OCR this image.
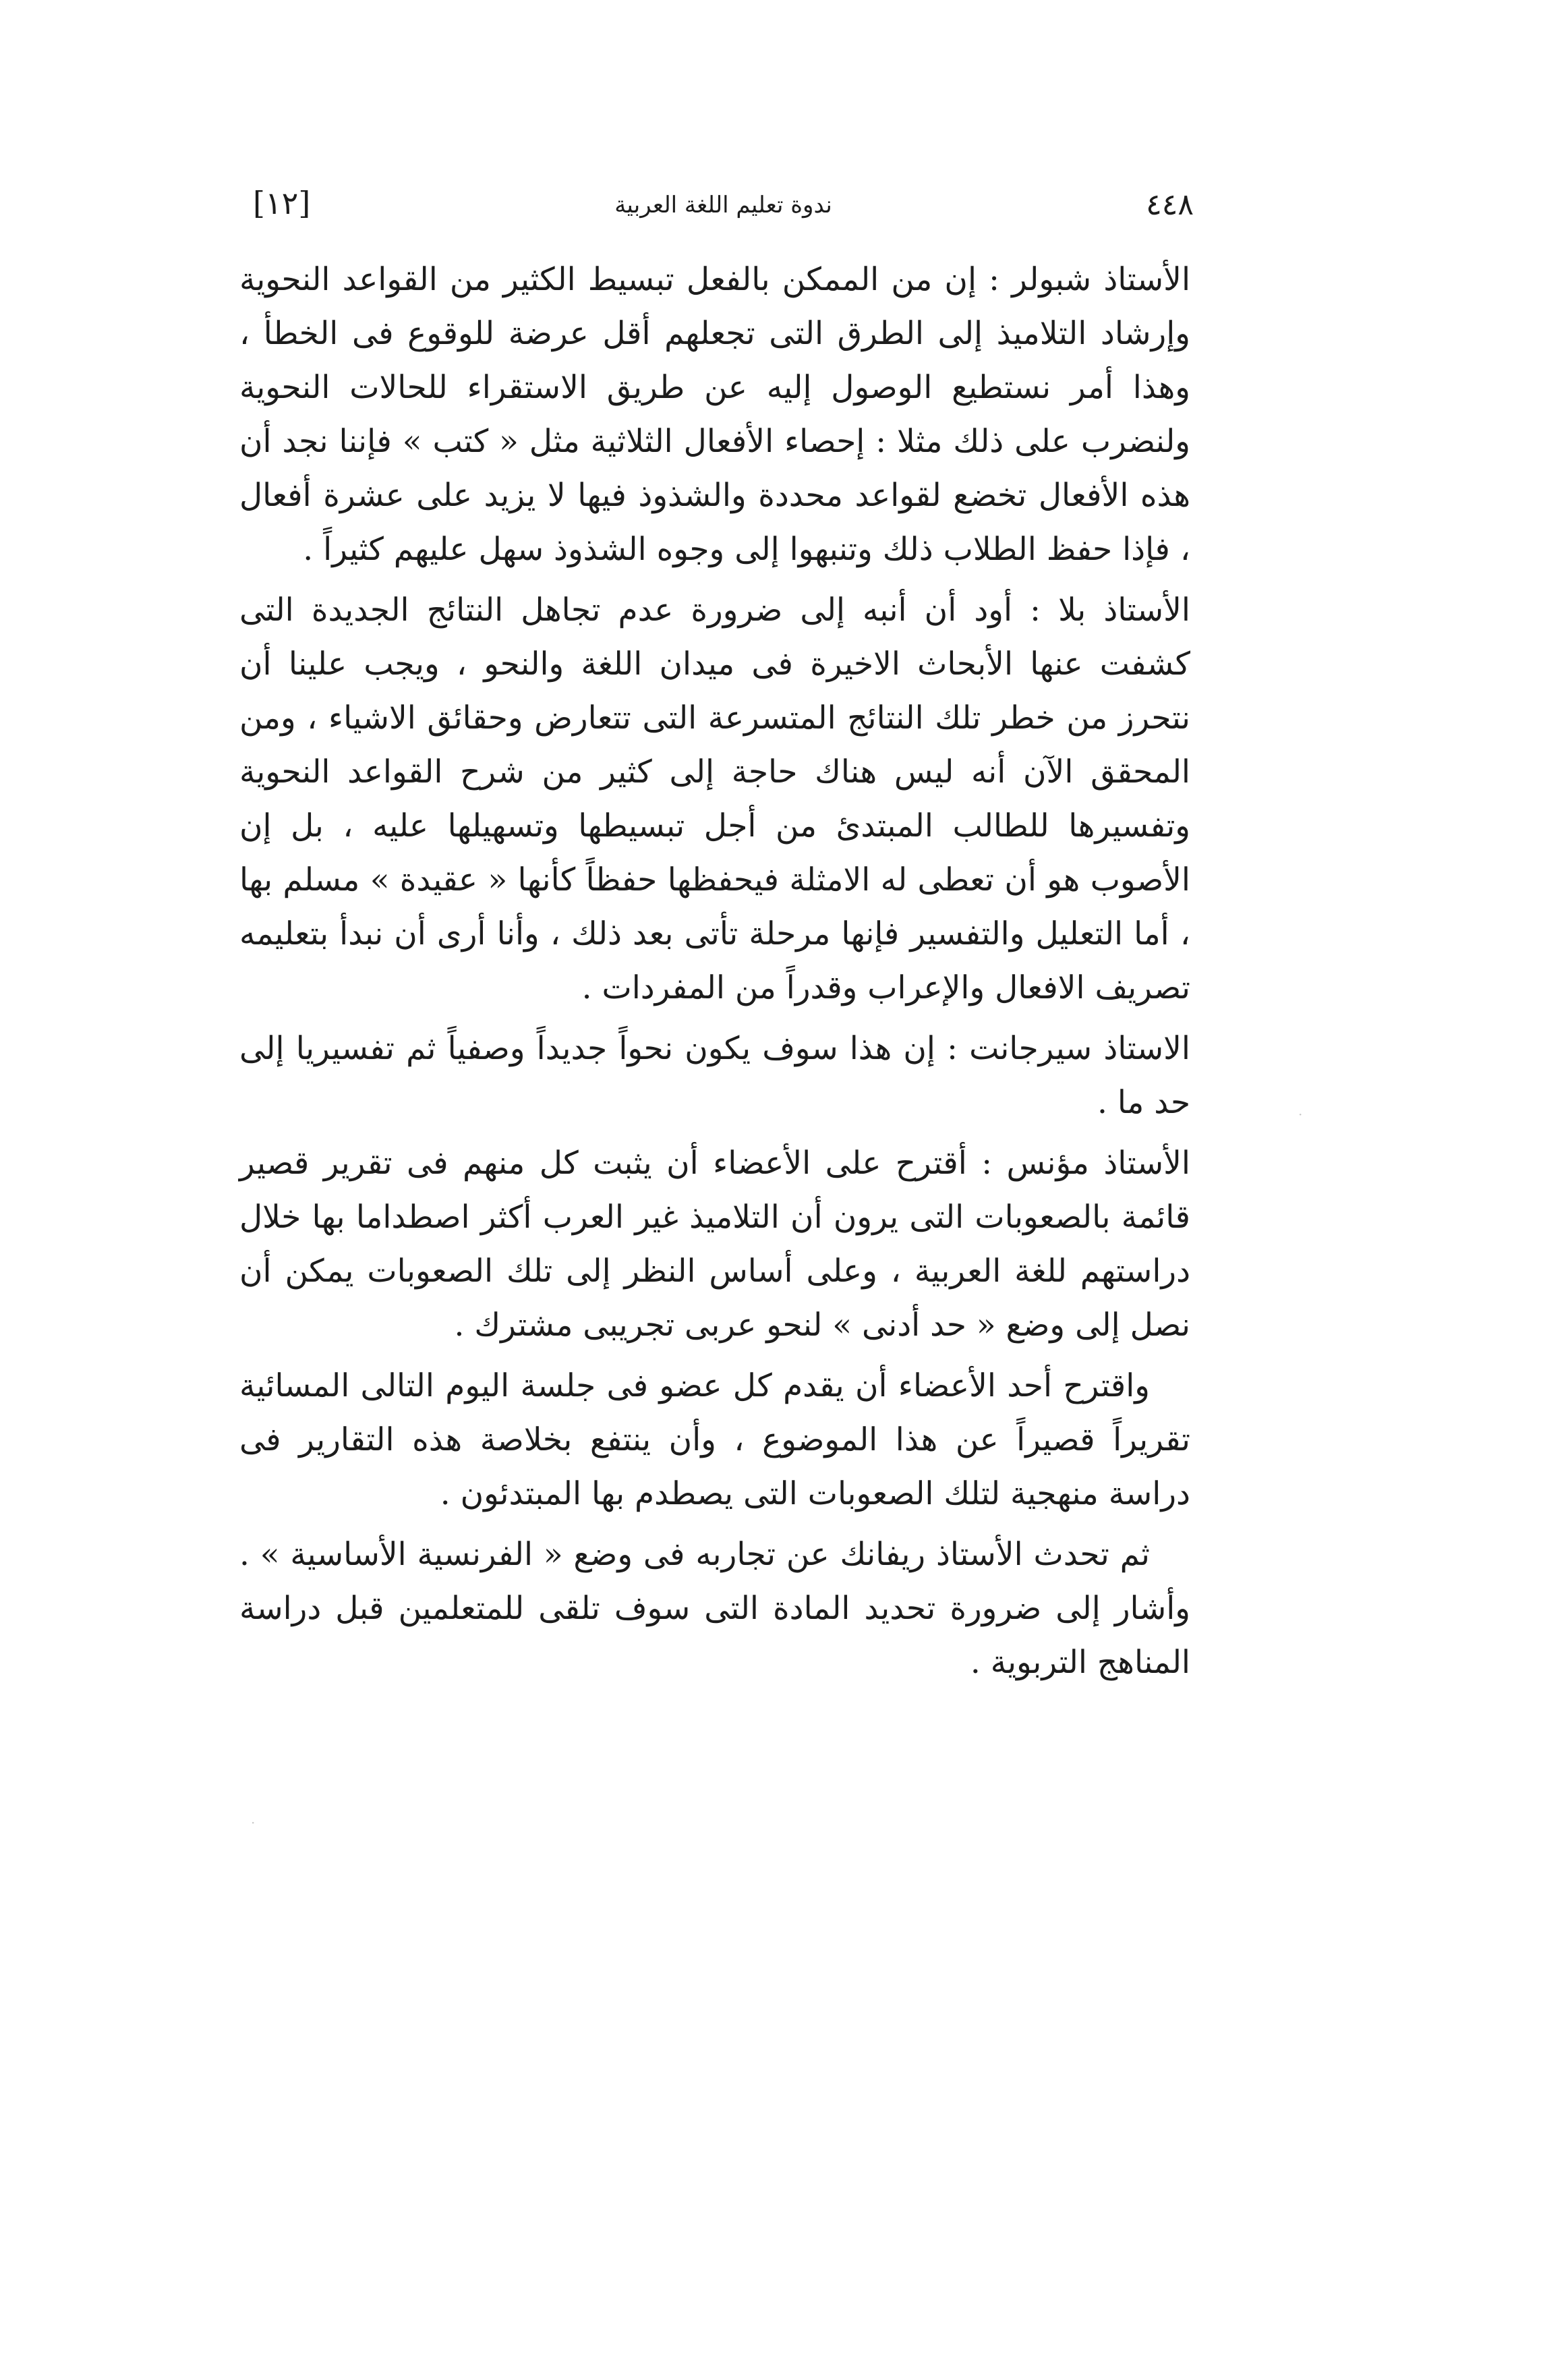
٤٤٨
ندوة تعليم اللغة العربية
[١٢]

الأستاذ شبولر : إن من الممكن بالفعل تبسيط الكثير من القواعد النحوية وإرشاد التلاميذ إلى الطرق التى تجعلهم أقل عرضة للوقوع فى الخطأ ، وهذا أمر نستطيع الوصول إليه عن طريق الاستقراء للحالات النحوية ولنضرب على ذلك مثلا : إحصاء الأفعال الثلاثية مثل « كتب » فإننا نجد أن هذه الأفعال تخضع لقواعد محددة والشذوذ فيها لا يزيد على عشرة أفعال ، فإذا حفظ الطلاب ذلك وتنبهوا إلى وجوه الشذوذ سهل عليهم كثيراً .

الأستاذ بلا : أود أن أنبه إلى ضرورة عدم تجاهل النتائج الجديدة التى كشفت عنها الأبحاث الاخيرة فى ميدان اللغة والنحو ، ويجب علينا أن نتحرز من خطر تلك النتائج المتسرعة التى تتعارض وحقائق الاشياء ، ومن المحقق الآن أنه ليس هناك حاجة إلى كثير من شرح القواعد النحوية وتفسيرها للطالب المبتدئ من أجل تبسيطها وتسهيلها عليه ، بل إن الأصوب هو أن تعطى له الامثلة فيحفظها حفظاً كأنها « عقيدة » مسلم بها ، أما التعليل والتفسير فإنها مرحلة تأتى بعد ذلك ، وأنا أرى أن نبدأ بتعليمه تصريف الافعال والإعراب وقدراً من المفردات .

الاستاذ سيرجانت : إن هذا سوف يكون نحواً جديداً وصفياً ثم تفسيريا إلى حد ما .

الأستاذ مؤنس : أقترح على الأعضاء أن يثبت كل منهم فى تقرير قصير قائمة بالصعوبات التى يرون أن التلاميذ غير العرب أكثر اصطداما بها خلال دراستهم للغة العربية ، وعلى أساس النظر إلى تلك الصعوبات يمكن أن نصل إلى وضع « حد أدنى » لنحو عربى تجريبى مشترك .

واقترح أحد الأعضاء أن يقدم كل عضو فى جلسة اليوم التالى المسائية تقريراً قصيراً عن هذا الموضوع ، وأن ينتفع بخلاصة هذه التقارير فى دراسة منهجية لتلك الصعوبات التى يصطدم بها المبتدئون .

ثم تحدث الأستاذ ريفانك عن تجاربه فى وضع « الفرنسية الأساسية » . وأشار إلى ضرورة تحديد المادة التى سوف تلقى للمتعلمين قبل دراسة المناهج التربوية .

·
·
